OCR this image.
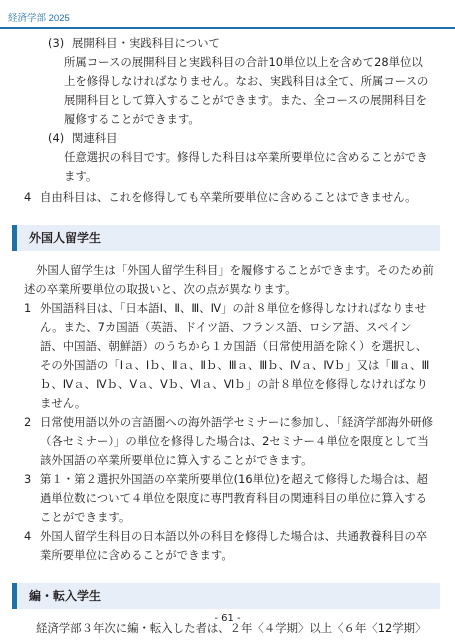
経済学部 2025
(3) 展開科目・実践科目について
所属コースの展開科目と実践科目の合計10単位以上を含めて28単位以上を修得しなければなりません。なお、実践科目は全て、所属コースの展開科目として算入することができます。また、全コースの展開科目を履修することができます。
(4) 関連科目
任意選択の科目です。修得した科目は卒業所要単位に含めることができます。
4 自由科目は、これを修得しても卒業所要単位に含めることはできません。
外国人留学生
外国人留学生は「外国人留学生科目」を履修することができます。そのため前述の卒業所要単位の取扱いと、次の点が異なります。
1 外国語科目は、「日本語Ⅰ、Ⅱ、Ⅲ、Ⅳ」の計８単位を修得しなければなりません。また、7カ国語（英語、ドイツ語、フランス語、ロシア語、スペイン語、中国語、朝鮮語）のうちから１カ国語（日常使用語を除く）を選択し、その外国語の「Ⅰａ、Ⅰｂ、Ⅱａ、Ⅱｂ、Ⅲａ、Ⅲｂ、Ⅳａ、Ⅳｂ」又は「Ⅲａ、Ⅲｂ、Ⅳａ、Ⅳｂ、Ⅴａ、Ⅴｂ、Ⅵａ、Ⅵｂ」の計８単位を修得しなければなりません。
2 日常使用語以外の言語圏への海外語学セミナーに参加し、「経済学部海外研修（各セミナー）」の単位を修得した場合は、2セミナー４単位を限度として当該外国語の卒業所要単位に算入することができます。
3 第１・第２選択外国語の卒業所要単位(16単位)を超えて修得した場合は、超過単位数について４単位を限度に専門教育科目の関連科目の単位に算入することができます。
4 外国人留学生科目の日本語以外の科目を修得した場合は、共通教養科目の卒業所要単位に含めることができます。
編・転入学生
経済学部３年次に編・転入した者は、２年〈４学期〉以上〈６年〈12学期〉
- 61 -
